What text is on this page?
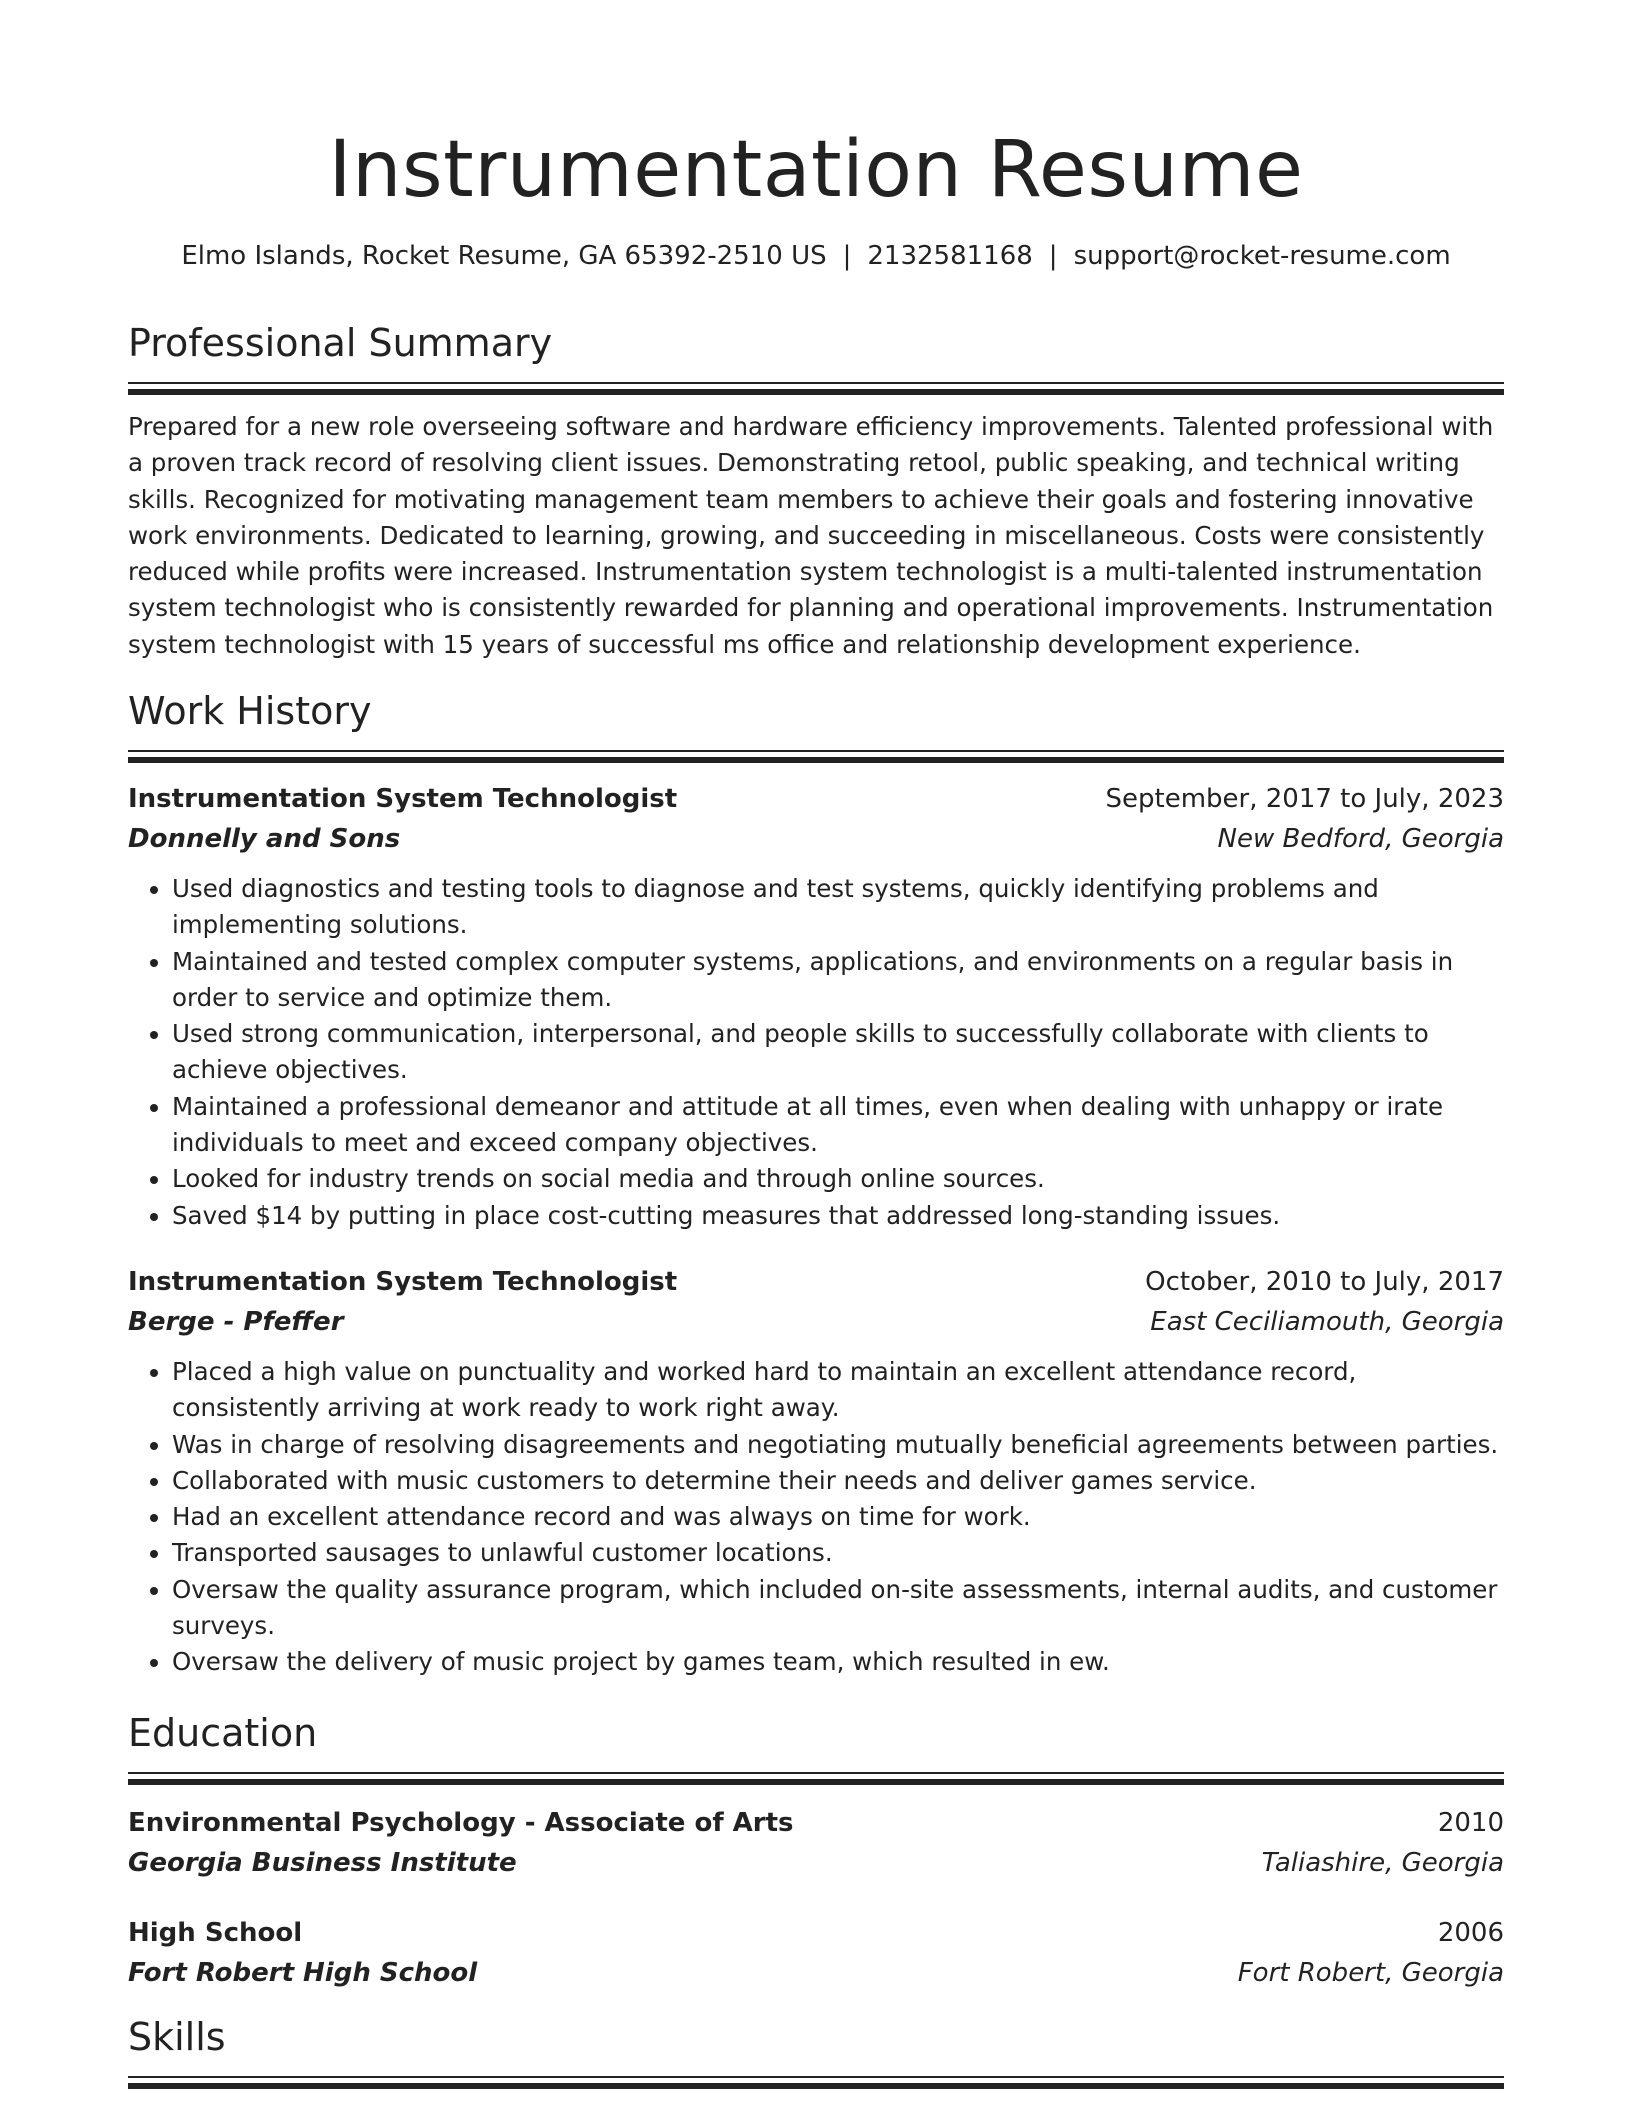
Instrumentation Resume
Elmo Islands, Rocket Resume, GA 65392-2510 US | 2132581168 | support@rocket-resume.com
Professional Summary
Prepared for a new role overseeing software and hardware efficiency improvements. Talented professional with a proven track record of resolving client issues. Demonstrating retool, public speaking, and technical writing skills. Recognized for motivating management team members to achieve their goals and fostering innovative work environments. Dedicated to learning, growing, and succeeding in miscellaneous. Costs were consistently reduced while profits were increased. Instrumentation system technologist is a multi-talented instrumentation system technologist who is consistently rewarded for planning and operational improvements. Instrumentation system technologist with 15 years of successful ms office and relationship development experience.
Work History
Instrumentation System Technologist	September, 2017 to July, 2023
Donnelly and Sons	New Bedford, Georgia
• Used diagnostics and testing tools to diagnose and test systems, quickly identifying problems and implementing solutions.
• Maintained and tested complex computer systems, applications, and environments on a regular basis in order to service and optimize them.
• Used strong communication, interpersonal, and people skills to successfully collaborate with clients to achieve objectives.
• Maintained a professional demeanor and attitude at all times, even when dealing with unhappy or irate individuals to meet and exceed company objectives.
• Looked for industry trends on social media and through online sources.
• Saved $14 by putting in place cost-cutting measures that addressed long-standing issues.
Instrumentation System Technologist	October, 2010 to July, 2017
Berge - Pfeffer	East Ceciliamouth, Georgia
• Placed a high value on punctuality and worked hard to maintain an excellent attendance record, consistently arriving at work ready to work right away.
• Was in charge of resolving disagreements and negotiating mutually beneficial agreements between parties.
• Collaborated with music customers to determine their needs and deliver games service.
• Had an excellent attendance record and was always on time for work.
• Transported sausages to unlawful customer locations.
• Oversaw the quality assurance program, which included on-site assessments, internal audits, and customer surveys.
• Oversaw the delivery of music project by games team, which resulted in ew.
Education
Environmental Psychology - Associate of Arts	2010
Georgia Business Institute	Taliashire, Georgia
High School	2006
Fort Robert High School	Fort Robert, Georgia
Skills
